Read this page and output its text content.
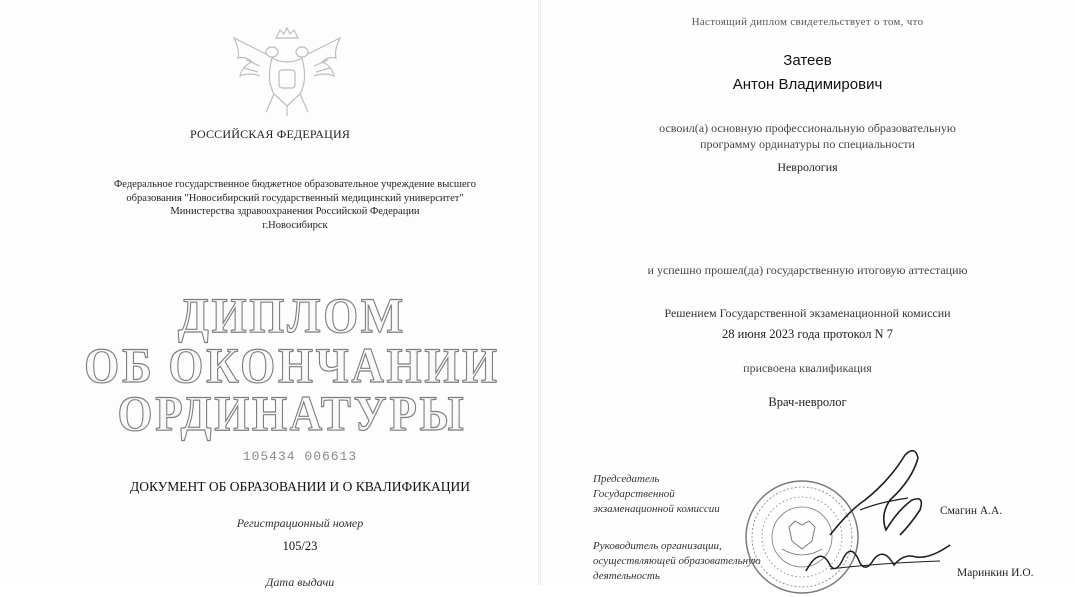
РОССИЙСКАЯ ФЕДЕРАЦИЯ

Федеральное государственное бюджетное образовательное учреждение высшего
образования "Новосибирский государственный медицинский университет"
Министерства здравоохранения Российской Федерации
г.Новосибирск

ДИПЛОМ

ОБ ОКОНЧАНИИ

ОРДИНАТУРЫ

105434 006613

ДОКУМЕНТ ОБ ОБРАЗОВАНИИ И О КВАЛИФИКАЦИИ

Регистрационный номер

105/23

Дата выдачи

Настоящий диплом свидетельствует о том, что

Затеев

Антон Владимирович

освоил(а) основную профессиональную образовательную

программу ординатуры по специальности

Неврология

и успешно прошел(да) государственную итоговую аттестацию

Решением Государственной экзаменационной комиссии

28 июня 2023 года протокол N 7

присвоена квалификация

Врач-невролог

Председатель
Государственной
экзаменационной комиссии	Смагин А.А.

Руководитель организации,
осуществляющей образовательную
деятельность	Маринкин И.О.
